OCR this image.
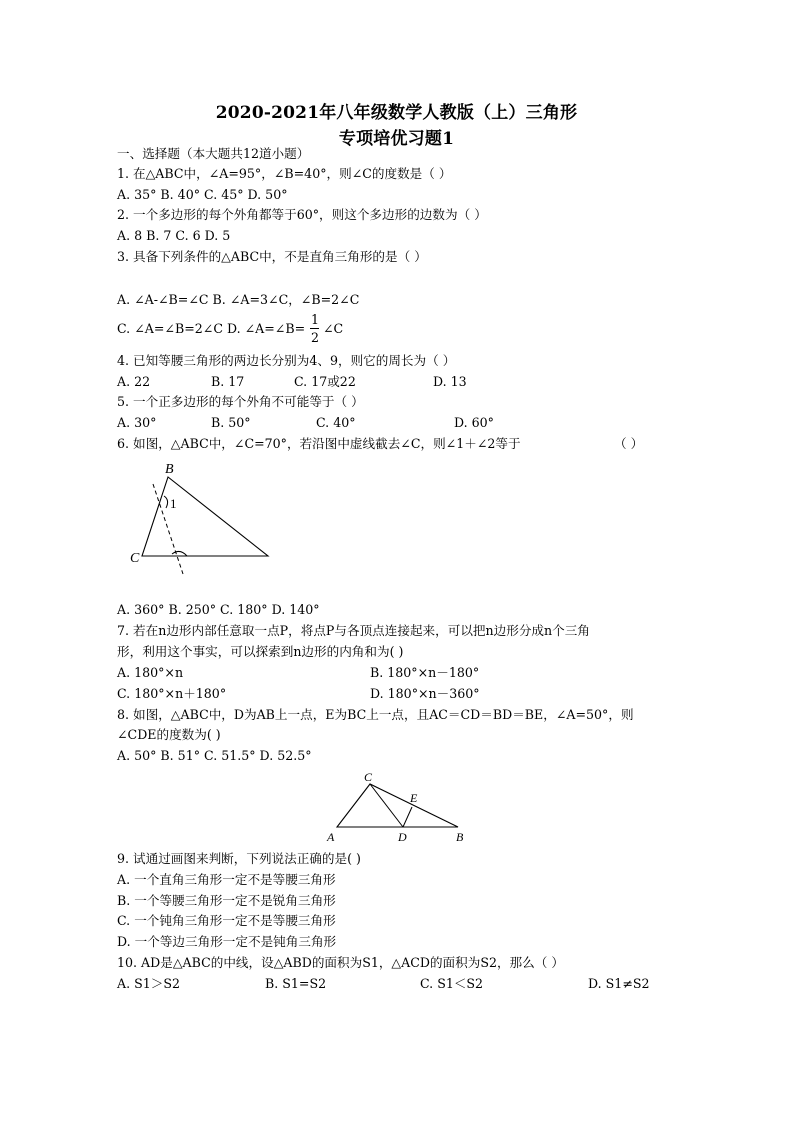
2020-2021年八年级数学人教版（上）三角形
专项培优习题1
一、选择题（本大题共12道小题）
1. 在△ABC中，∠A=95°，∠B=40°，则∠C的度数是（ ）
A. 35° B. 40° C. 45° D. 50°
2. 一个多边形的每个外角都等于60°，则这个多边形的边数为（ ）
A. 8 B. 7 C. 6 D. 5
3. 具备下列条件的△ABC中，不是直角三角形的是（ ）
A. ∠A-∠B=∠C B. ∠A=3∠C，∠B=2∠C
C. ∠A=∠B=2∠C D. ∠A=∠B=
1
2
∠C
4. 已知等腰三角形的两边长分别为4、9，则它的周长为（ ）
A. 22	B. 17	C. 17或22	D. 13
5. 一个正多边形的每个外角不可能等于（ ）
A. 30°	B. 50°	C. 40°	D. 60°
6. 如图，△ABC中，∠C=70°，若沿图中虚线截去∠C，则∠1＋∠2等于	（ ）
B
C
1
A. 360° B. 250° C. 180° D. 140°
7. 若在n边形内部任意取一点P，将点P与各顶点连接起来，可以把n边形分成n个三角
形，利用这个事实，可以探索到n边形的内角和为( )
A. 180°×n	B. 180°×n－180°
C. 180°×n＋180°	D. 180°×n－360°
8. 如图，△ABC中，D为AB上一点，E为BC上一点，且AC＝CD＝BD＝BE，∠A=50°，则
∠CDE的度数为( )
A. 50° B. 51° C. 51.5° D. 52.5°
C
A	D	B
E
9. 试通过画图来判断，下列说法正确的是( )
A. 一个直角三角形一定不是等腰三角形
B. 一个等腰三角形一定不是锐角三角形
C. 一个钝角三角形一定不是等腰三角形
D. 一个等边三角形一定不是钝角三角形
10. AD是△ABC的中线，设△ABD的面积为S1，△ACD的面积为S2，那么（ ）
A. S1＞S2	B. S1=S2	C. S1＜S2	D. S1≠S2
